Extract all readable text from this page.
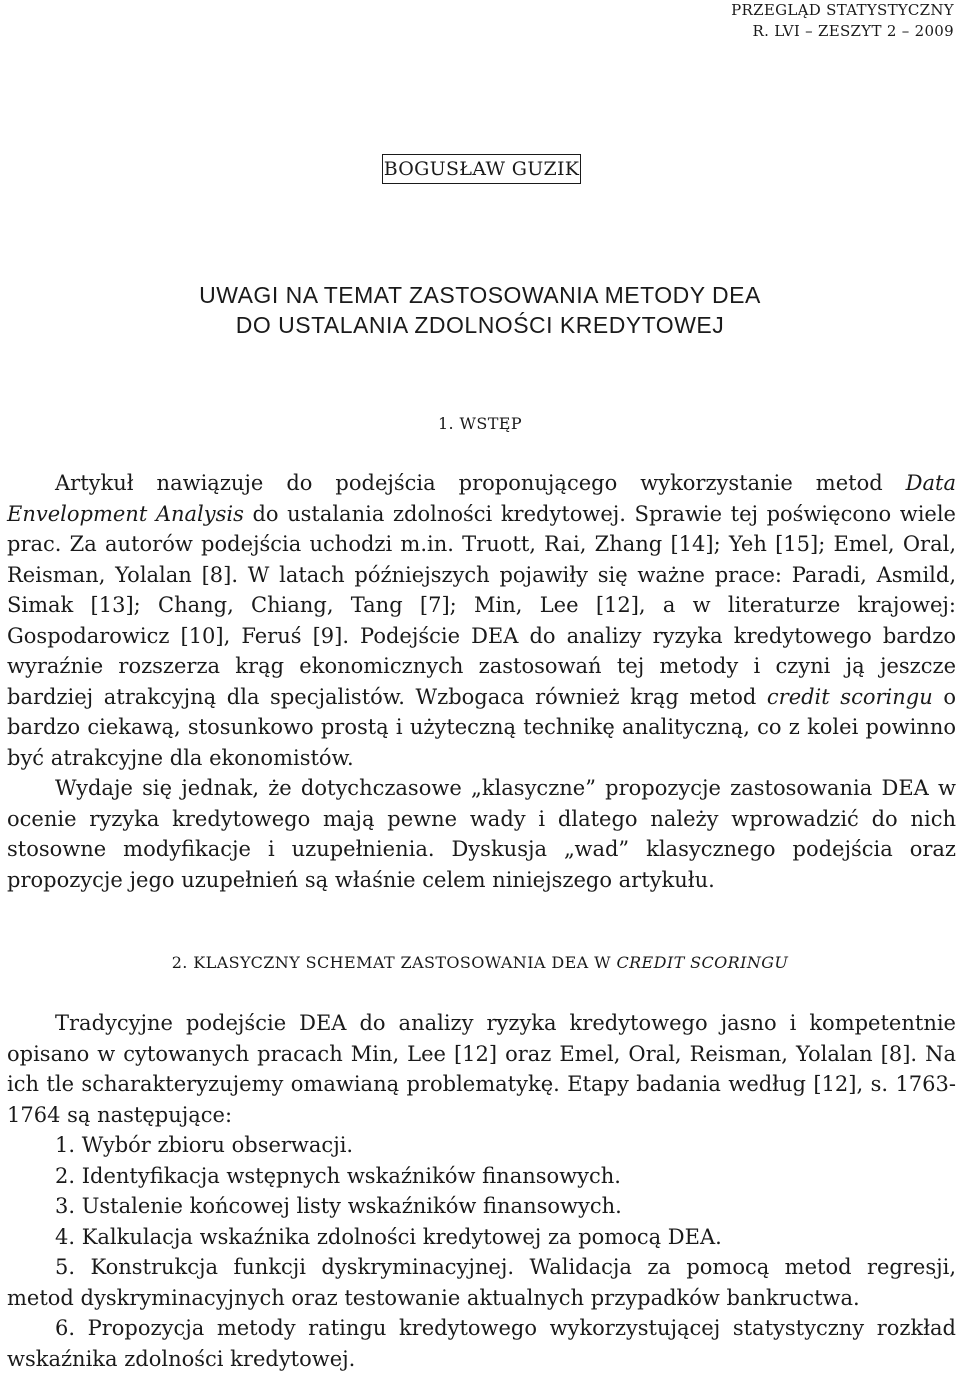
PRZEGLĄD STATYSTYCZNY
R. LVI – ZESZYT 2 – 2009
BOGUSŁAW GUZIK
UWAGI NA TEMAT ZASTOSOWANIA METODY DEA
DO USTALANIA ZDOLNOŚCI KREDYTOWEJ
1. WSTĘP

Artykuł nawiązuje do podejścia proponującego wykorzystanie metod Data Envelopment Analysis do ustalania zdolności kredytowej. Sprawie tej poświęcono wiele prac. Za autorów podejścia uchodzi m.in. Truott, Rai, Zhang [14]; Yeh [15]; Emel, Oral, Reisman, Yolalan [8]. W latach późniejszych pojawiły się ważne prace: Paradi, Asmild, Simak [13]; Chang, Chiang, Tang [7]; Min, Lee [12], a w literaturze krajowej: Gospodarowicz [10], Feruś [9]. Podejście DEA do analizy ryzyka kredytowego bardzo wyraźnie rozszerza krąg ekonomicznych zastosowań tej metody i czyni ją jeszcze bardziej atrakcyjną dla specjalistów. Wzbogaca również krąg metod credit scoringu o bardzo ciekawą, stosunkowo prostą i użyteczną technikę analityczną, co z kolei powinno być atrakcyjne dla ekonomistów.

Wydaje się jednak, że dotychczasowe „klasyczne” propozycje zastosowania DEA w ocenie ryzyka kredytowego mają pewne wady i dlatego należy wprowadzić do nich stosowne modyfikacje i uzupełnienia. Dyskusja „wad” klasycznego podejścia oraz propozycje jego uzupełnień są właśnie celem niniejszego artykułu.

2. KLASYCZNY SCHEMAT ZASTOSOWANIA DEA W CREDIT SCORINGU

Tradycyjne podejście DEA do analizy ryzyka kredytowego jasno i kompetentnie opisano w cytowanych pracach Min, Lee [12] oraz Emel, Oral, Reisman, Yolalan [8]. Na ich tle scharakteryzujemy omawianą problematykę. Etapy badania według [12], s. 1763-1764 są następujące:

1. Wybór zbioru obserwacji.
2. Identyfikacja wstępnych wskaźników finansowych.
3. Ustalenie końcowej listy wskaźników finansowych.
4. Kalkulacja wskaźnika zdolności kredytowej za pomocą DEA.
5. Konstrukcja funkcji dyskryminacyjnej. Walidacja za pomocą metod regresji, metod dyskryminacyjnych oraz testowanie aktualnych przypadków bankructwa.
6. Propozycja metody ratingu kredytowego wykorzystującej statystyczny rozkład wskaźnika zdolności kredytowej.
